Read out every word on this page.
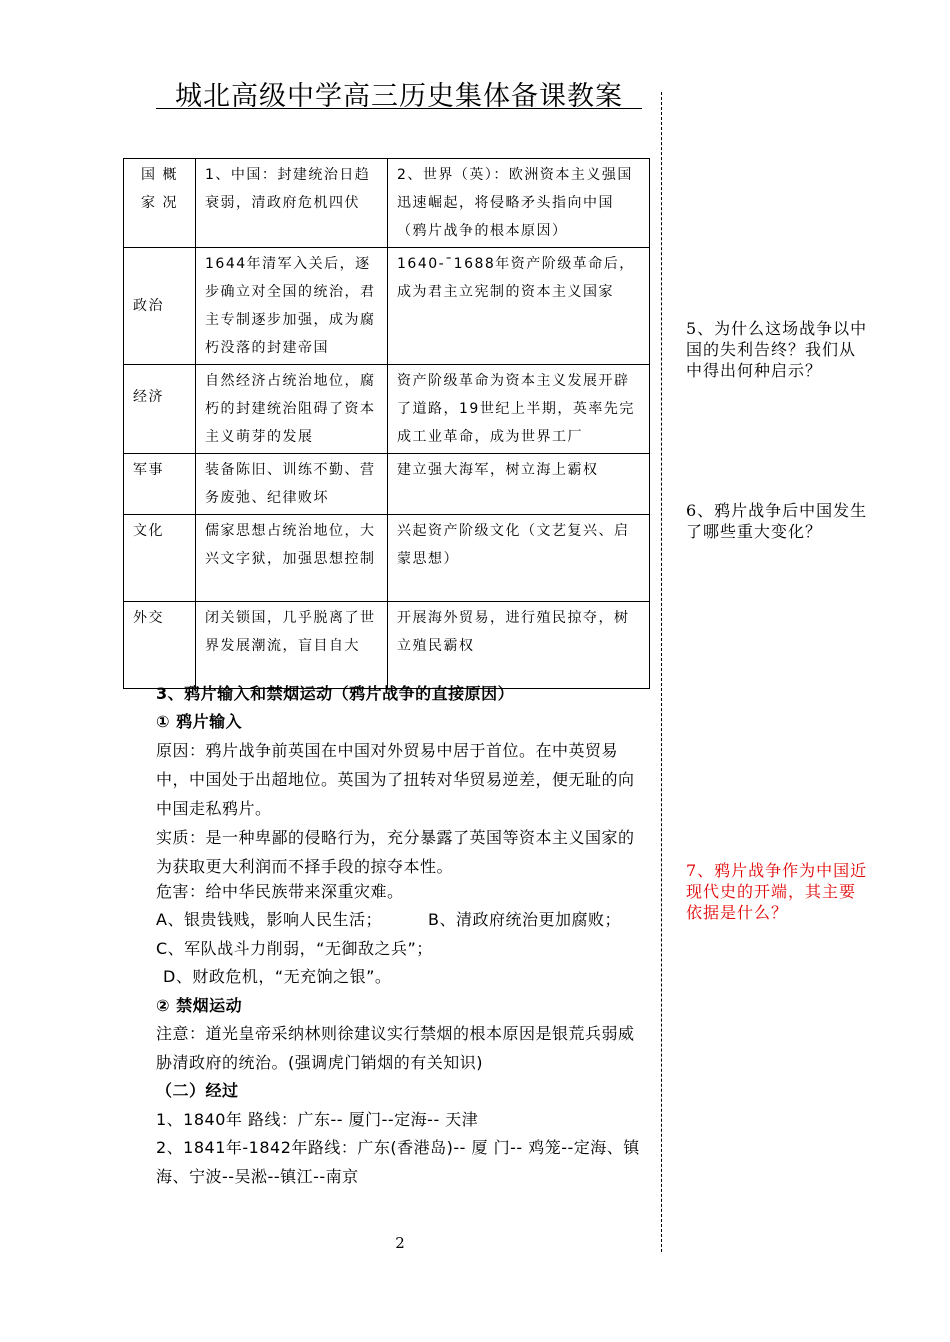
城北高级中学高三历史集体备课教案
国 概 家 况	1、中国：封建统治日趋衰弱，清政府危机四伏	2、世界（英）：欧洲资本主义强国迅速崛起，将侵略矛头指向中国（鸦片战争的根本原因）
政治	1644年清军入关后，逐步确立对全国的统治，君主专制逐步加强，成为腐朽没落的封建帝国	1640-¯1688年资产阶级革命后，成为君主立宪制的资本主义国家
经济	自然经济占统治地位，腐朽的封建统治阻碍了资本主义萌芽的发展	资产阶级革命为资本主义发展开辟了道路，19世纪上半期，英率先完成工业革命，成为世界工厂
军事	装备陈旧、训练不勤、营务废弛、纪律败坏	建立强大海军，树立海上霸权
文化	儒家思想占统治地位，大兴文字狱，加强思想控制	兴起资产阶级文化（文艺复兴、启蒙思想）
外交	闭关锁国，几乎脱离了世界发展潮流，盲目自大	开展海外贸易，进行殖民掠夺，树立殖民霸权
3、鸦片输入和禁烟运动（鸦片战争的直接原因）
① 鸦片输入
原因：鸦片战争前英国在中国对外贸易中居于首位。在中英贸易中，中国处于出超地位。英国为了扭转对华贸易逆差，便无耻的向中国走私鸦片。
实质：是一种卑鄙的侵略行为，充分暴露了英国等资本主义国家的为获取更大利润而不择手段的掠夺本性。
危害：给中华民族带来深重灾难。
A、银贵钱贱，影响人民生活；	B、清政府统治更加腐败；
C、军队战斗力削弱，“无御敌之兵”；
D、财政危机，“无充饷之银”。
② 禁烟运动
注意：道光皇帝采纳林则徐建议实行禁烟的根本原因是银荒兵弱威胁清政府的统治。(强调虎门销烟的有关知识)
（二）经过
1、1840年 路线：广东-- 厦门--定海-- 天津
2、1841年-1842年路线：广东(香港岛)-- 厦 门-- 鸡笼--定海、镇海、宁波--吴淞--镇江--南京
5、为什么这场战争以中国的失利告终？我们从中得出何种启示？
6、鸦片战争后中国发生了哪些重大变化？
7、鸦片战争作为中国近现代史的开端，其主要依据是什么？
2
